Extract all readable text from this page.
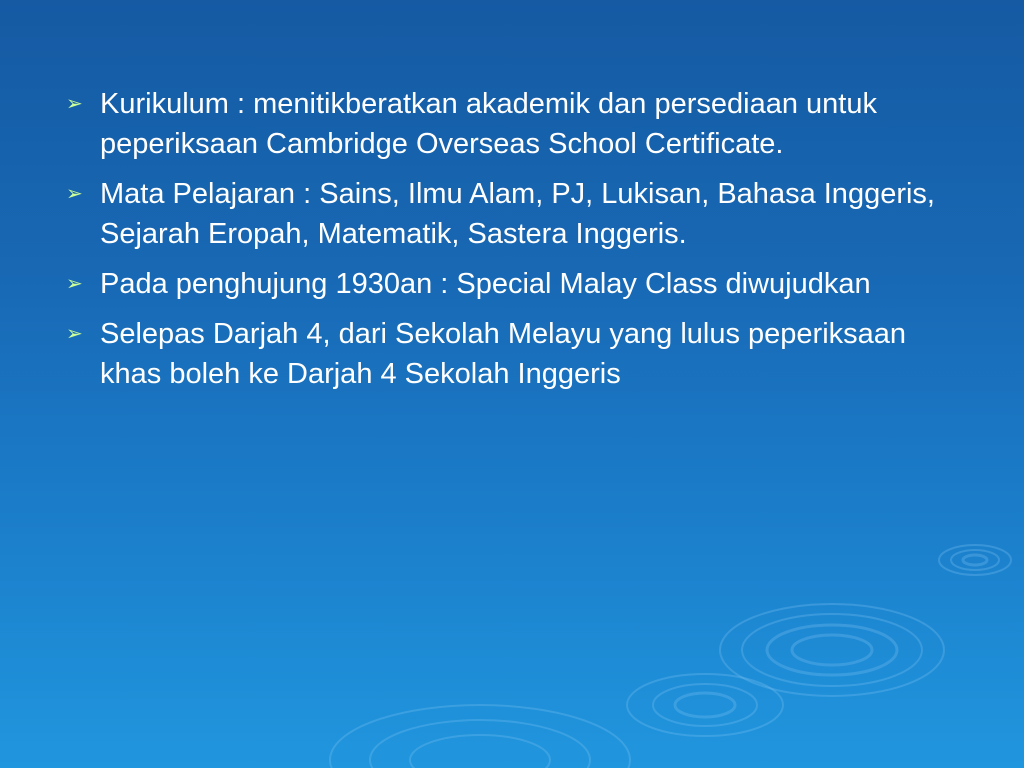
➢ Kurikulum : menitikberatkan akademik dan persediaan untuk peperiksaan Cambridge Overseas School Certificate.
➢ Mata Pelajaran : Sains, Ilmu Alam, PJ, Lukisan, Bahasa Inggeris, Sejarah Eropah, Matematik, Sastera Inggeris.
➢ Pada penghujung 1930an : Special Malay Class diwujudkan
➢ Selepas Darjah 4, dari Sekolah Melayu yang lulus peperiksaan khas boleh ke Darjah 4 Sekolah Inggeris
